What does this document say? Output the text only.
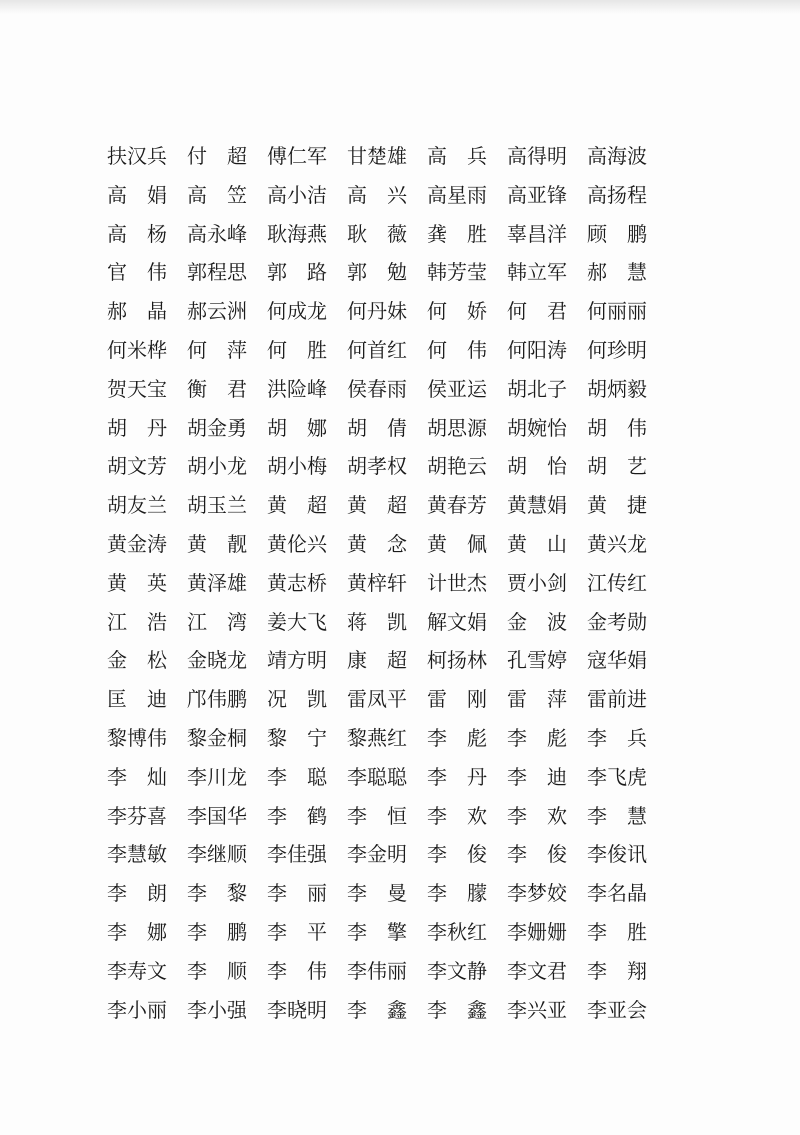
扶汉兵	付　超	傅仁军	甘楚雄	高　兵	高得明	高海波
高　娟	高　笠	高小洁	高　兴	高星雨	高亚锋	高扬程
高　杨	高永峰	耿海燕	耿　薇	龚　胜	辜昌洋	顾　鹏
官　伟	郭程思	郭　路	郭　勉	韩芳莹	韩立军	郝　慧
郝　晶	郝云洲	何成龙	何丹妹	何　娇	何　君	何丽丽
何米桦	何　萍	何　胜	何首红	何　伟	何阳涛	何珍明
贺天宝	衡　君	洪险峰	侯春雨	侯亚运	胡北子	胡炳毅
胡　丹	胡金勇	胡　娜	胡　倩	胡思源	胡婉怡	胡　伟
胡文芳	胡小龙	胡小梅	胡孝权	胡艳云	胡　怡	胡　艺
胡友兰	胡玉兰	黄　超	黄　超	黄春芳	黄慧娟	黄　捷
黄金涛	黄　靓	黄伦兴	黄　念	黄　佩	黄　山	黄兴龙
黄　英	黄泽雄	黄志桥	黄梓轩	计世杰	贾小剑	江传红
江　浩	江　湾	姜大飞	蒋　凯	解文娟	金　波	金考勋
金　松	金晓龙	靖方明	康　超	柯扬林	孔雪婷	寇华娟
匡　迪	邝伟鹏	况　凯	雷凤平	雷　刚	雷　萍	雷前进
黎博伟	黎金桐	黎　宁	黎燕红	李　彪	李　彪	李　兵
李　灿	李川龙	李　聪	李聪聪	李　丹	李　迪	李飞虎
李芬喜	李国华	李　鹤	李　恒	李　欢	李　欢	李　慧
李慧敏	李继顺	李佳强	李金明	李　俊	李　俊	李俊讯
李　朗	李　黎	李　丽	李　曼	李　朦	李梦姣	李名晶
李　娜	李　鹏	李　平	李　擎	李秋红	李姗姗	李　胜
李寿文	李　顺	李　伟	李伟丽	李文静	李文君	李　翔
李小丽	李小强	李晓明	李　鑫	李　鑫	李兴亚	李亚会
